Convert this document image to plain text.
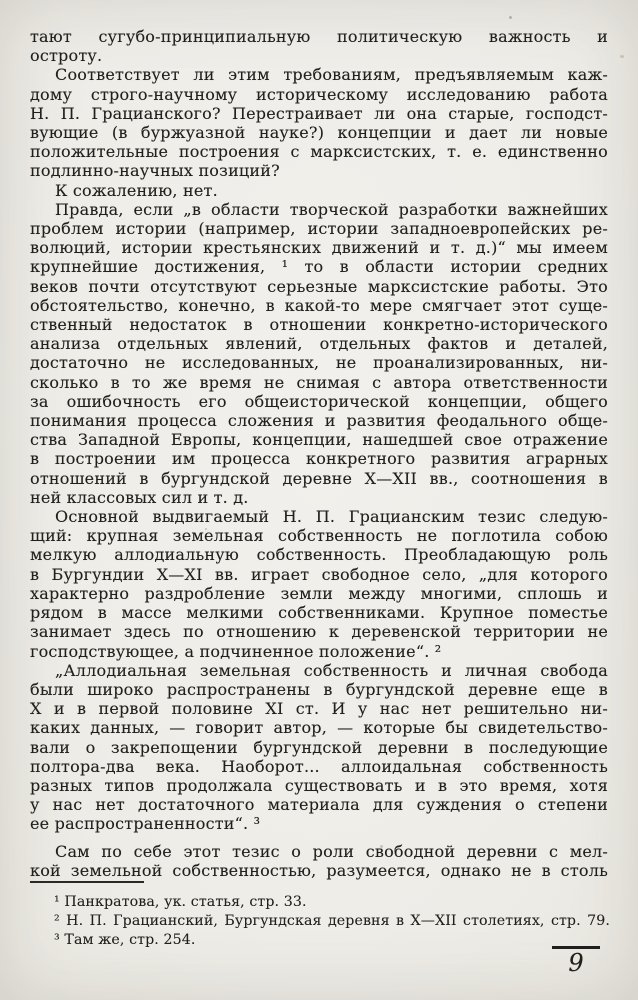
тают сугубо-принципиальную политическую важность и
остроту.
Соответствует ли этим требованиям, предъявляемым каж-
дому строго-научному историческому исследованию работа
Н. П. Грацианского? Перестраивает ли она старые, господст-
вующие (в буржуазной науке?) концепции и дает ли новые
положительные построения с марксистских, т. е. единственно
подлинно-научных позиций?
К сожалению, нет.
Правда, если „в области творческой разработки важнейших
проблем истории (например, истории западноевропейских ре-
волюций, истории крестьянских движений и т. д.)“ мы имеем
крупнейшие достижения, ¹ то в области истории средних
веков почти отсутствуют серьезные марксистские работы. Это
обстоятельство, конечно, в какой-то мере смягчает этот суще-
ственный недостаток в отношении конкретно-исторического
анализа отдельных явлений, отдельных фактов и деталей,
достаточно не исследованных, не проанализированных, ни-
сколько в то же время не снимая с автора ответственности
за ошибочность его общеисторической концепции, общего
понимания процесса сложения и развития феодального обще-
ства Западной Европы, концепции, нашедшей свое отражение
в построении им процесса конкретного развития аграрных
отношений в бургундской деревне X—XII вв., соотношения в
ней классовых сил и т. д.
Основной выдвигаемый Н. П. Грацианским тезис следую-
щий: крупная земельная собственность не поглотила собою
мелкую аллодиальную собственность. Преобладающую роль
в Бургундии X—XI вв. играет свободное село, „для которого
характерно раздробление земли между многими, сплошь и
рядом в массе мелкими собственниками. Крупное поместье
занимает здесь по отношению к деревенской территории не
господствующее, а подчиненное положение“. ²
„Аллодиальная земельная собственность и личная свобода
были широко распространены в бургундской деревне еще в
X и в первой половине XI ст. И у нас нет решительно ни-
каких данных, — говорит автор, — которые бы свидетельство-
вали о закрепощении бургундской деревни в последующие
полтора-два века. Наоборот... аллоидальная собственность
разных типов продолжала существовать и в это время, хотя
у нас нет достаточного материала для суждения о степени
ее распространенности“. ³
Сам по себе этот тезис о роли свободной деревни с мел-
кой земельной собственностью, разумеется, однако не в столь
¹ Панкратова, ук. статья, стр. 33.
² Н. П. Грацианский, Бургундская деревня в X—XII столетиях, стр. 79.
³ Там же, стр. 254.
9
